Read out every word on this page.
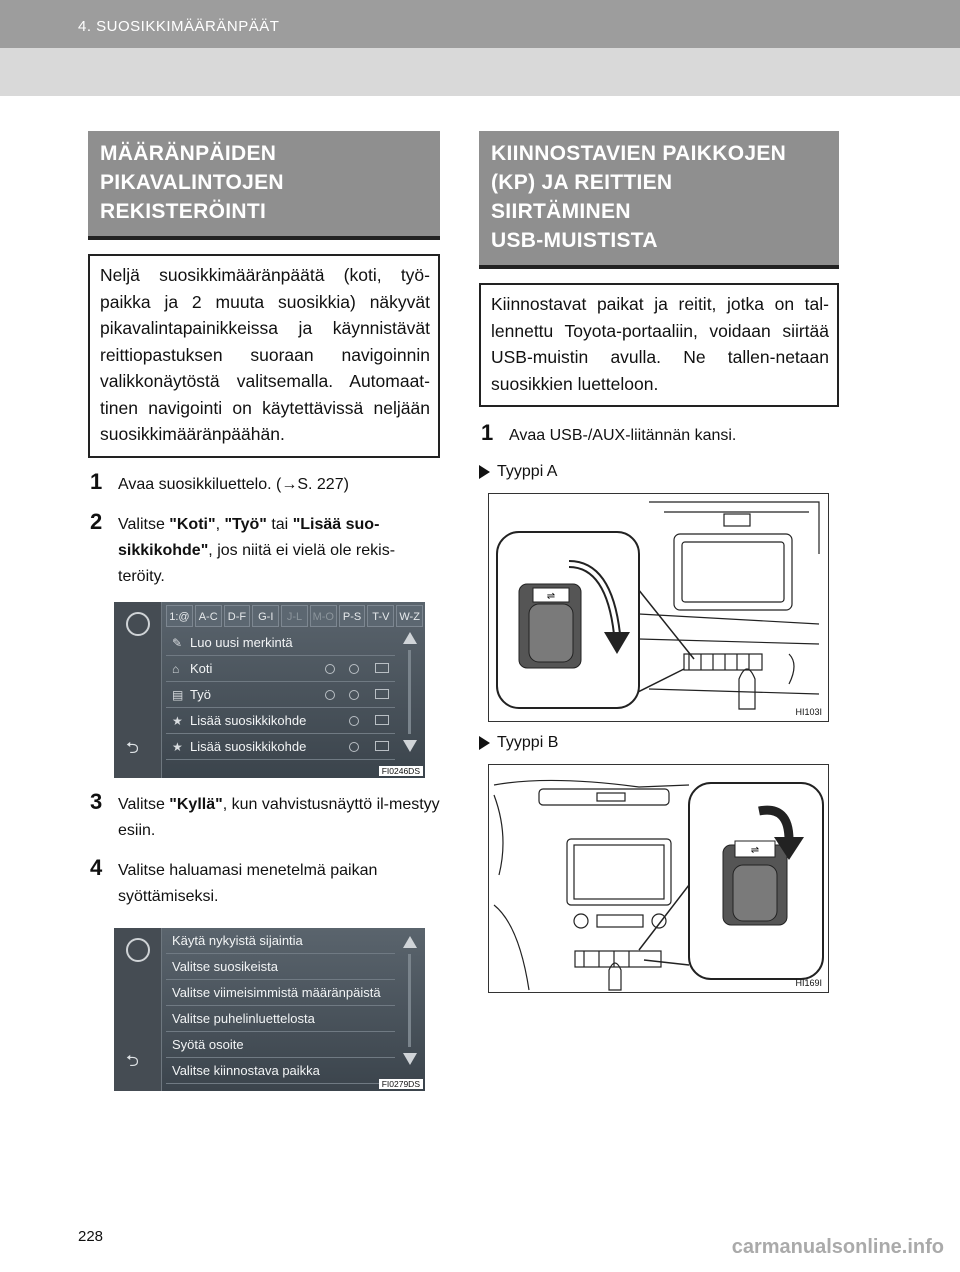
4. SUOSIKKIMÄÄRÄNPÄÄT
MÄÄRÄNPÄIDEN
PIKAVALINTOJEN
REKISTERÖINTI
Neljä suosikkimääränpäätä (koti, työ-paikka ja 2 muuta suosikkia) näkyvät pikavalintapainikkeissa ja käynnistävät reittiopastuksen suoraan navigoinnin valikkonäytöstä valitsemalla. Automaat-tinen navigointi on käytettävissä neljään suosikkimääränpäähän.
1 Avaa suosikkiluettelo. (→S. 227)
2 Valitse "Koti", "Työ" tai "Lisää suo-sikkikohde", jos niitä ei vielä ole rekis-teröity.
⮌
1:@ A-C D-F	G-I	J-L M-O P-S	T-V W-Z
✎ Luo uusi merkintä
⌂ Koti
▤ Työ
★ Lisää suosikkikohde
★ Lisää suosikkikohde
FI0246DS
3 Valitse "Kyllä", kun vahvistusnäyttö il-mestyy esiin.
4 Valitse haluamasi menetelmä paikan syöttämiseksi.
⮌
Käytä nykyistä sijaintia
Valitse suosikeista
Valitse viimeisimmistä määränpäistä
Valitse puhelinluettelosta
Syötä osoite
Valitse kiinnostava paikka
FI0279DS
KIINNOSTAVIEN PAIKKOJEN
(KP) JA REITTIEN
SIIRTÄMINEN
USB-MUISTISTA
Kiinnostavat paikat ja reitit, jotka on tal-lennettu Toyota-portaaliin, voidaan siirtää USB-muistin avulla. Ne tallen-netaan suosikkien luetteloon.
1 Avaa USB-/AUX-liitännän kansi.
Tyyppi A
⇌
HI103I
Tyyppi B
⇌
HI169I
228	carmanualsonline.info
